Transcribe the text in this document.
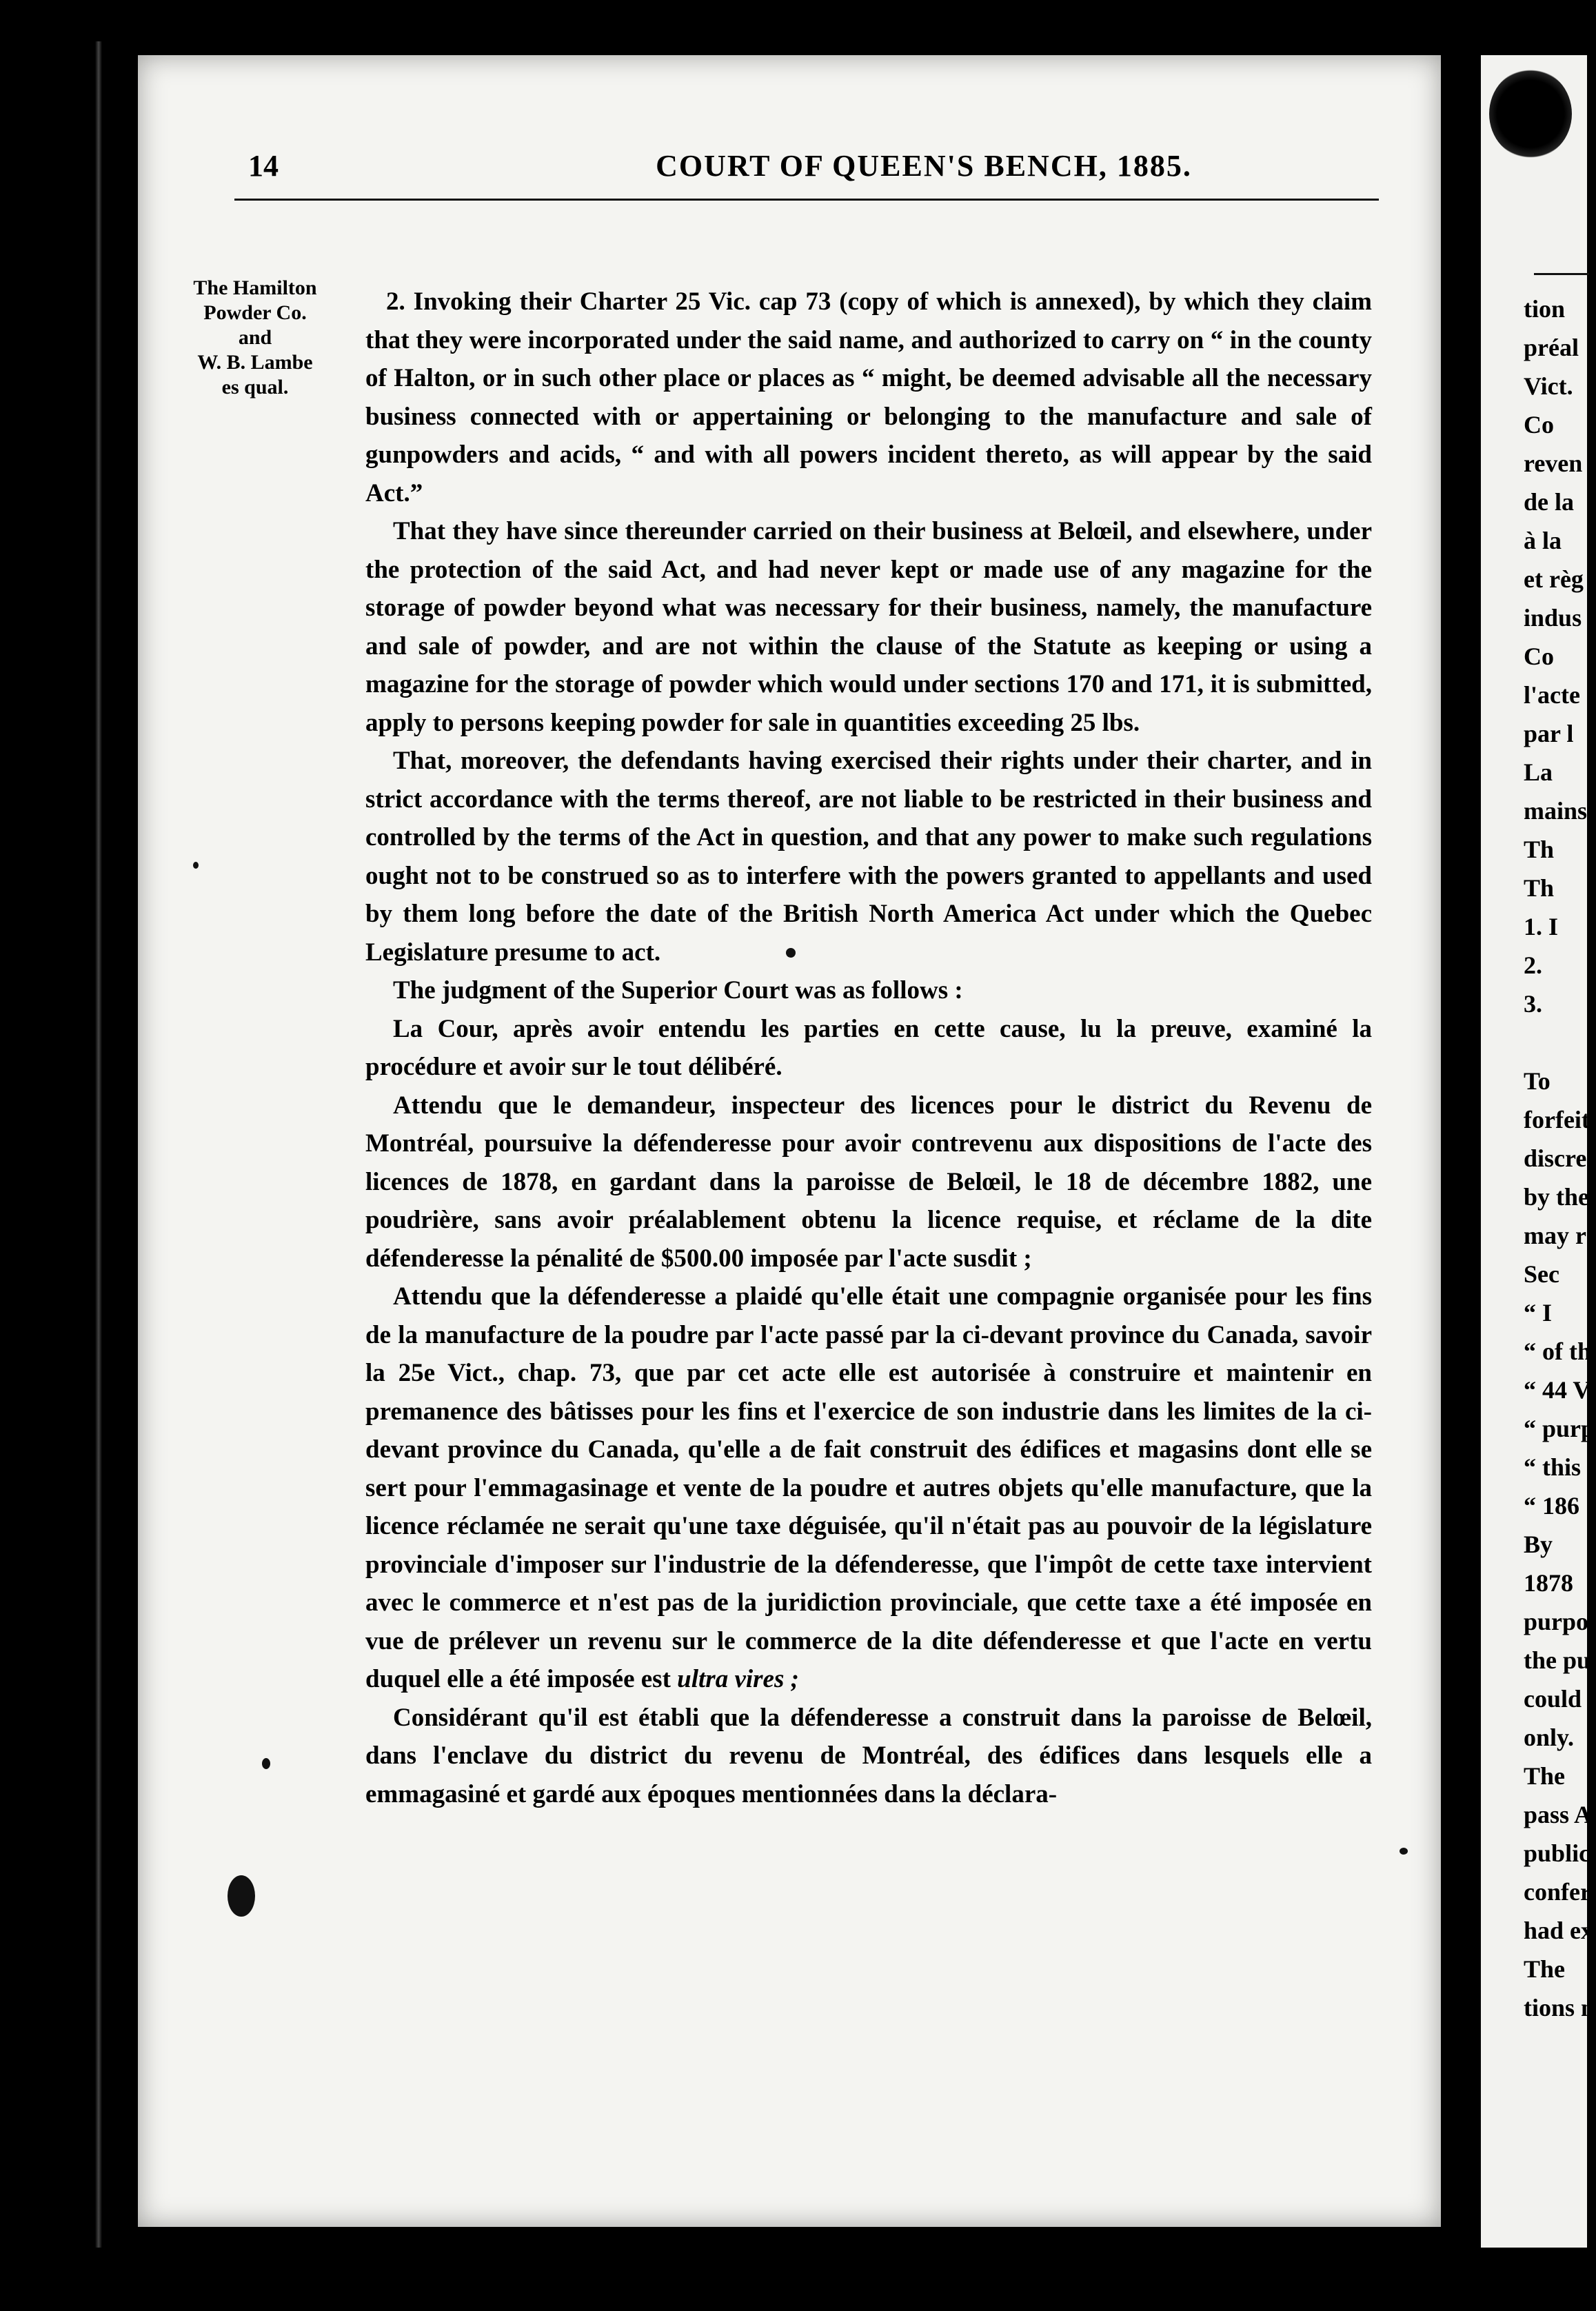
14	COURT OF QUEEN'S BENCH, 1885.
The Hamilton
Powder Co.
and
W. B. Lambe
es qual.

2. Invoking their Charter 25 Vic. cap 73 (copy of which is annexed), by which they claim that they were incorporated under the said name, and authorized to carry on “ in the county of Halton, or in such other place or places as “ might, be deemed advisable all the necessary business connected with or appertaining or belonging to the manufacture and sale of gunpowders and acids, “ and with all powers incident thereto, as will appear by the said Act.”

That they have since thereunder carried on their business at Belœil, and elsewhere, under the protection of the said Act, and had never kept or made use of any magazine for the storage of powder beyond what was necessary for their business, namely, the manufacture and sale of powder, and are not within the clause of the Statute as keeping or using a magazine for the storage of powder which would under sections 170 and 171, it is submitted, apply to persons keeping powder for sale in quantities exceeding 25 lbs.

That, moreover, the defendants having exercised their rights under their charter, and in strict accordance with the terms thereof, are not liable to be restricted in their business and controlled by the terms of the Act in question, and that any power to make such regulations ought not to be construed so as to interfere with the powers granted to appellants and used by them long before the date of the British North America Act under which the Quebec Legislature presume to act.

The judgment of the Superior Court was as follows :

La Cour, après avoir entendu les parties en cette cause, lu la preuve, examiné la procédure et avoir sur le tout délibéré.

Attendu que le demandeur, inspecteur des licences pour le district du Revenu de Montréal, poursuive la défenderesse pour avoir contrevenu aux dispositions de l'acte des licences de 1878, en gardant dans la paroisse de Belœil, le 18 de décembre 1882, une poudrière, sans avoir préalablement obtenu la licence requise, et réclame de la dite défenderesse la pénalité de $500.00 imposée par l'acte susdit ;

Attendu que la défenderesse a plaidé qu'elle était une compagnie organisée pour les fins de la manufacture de la poudre par l'acte passé par la ci-devant province du Canada, savoir la 25e Vict., chap. 73, que par cet acte elle est autorisée à construire et maintenir en premanence des bâtisses pour les fins et l'exercice de son industrie dans les limites de la ci-devant province du Canada, qu'elle a de fait construit des édifices et magasins dont elle se sert pour l'emmagasinage et vente de la poudre et autres objets qu'elle manufacture, que la licence réclamée ne serait qu'une taxe déguisée, qu'il n'était pas au pouvoir de la législature provinciale d'imposer sur l'industrie de la défenderesse, que l'impôt de cette taxe intervient avec le commerce et n'est pas de la juridiction provinciale, que cette taxe a été imposée en vue de prélever un revenu sur le commerce de la dite défenderesse et que l'acte en vertu duquel elle a été imposée est ultra vires ;

Considérant qu'il est établi que la défenderesse a construit dans la paroisse de Belœil, dans l'enclave du district du revenu de Montréal, des édifices dans lesquels elle a emmagasiné et gardé aux époques mentionnées dans la déclara-

tion
préal
Vict.
Co
reven
de la
à la
et règ
indus
Co
l'acte
par l
La
mains
Th
Th
1. I
2.
3.

To
forfeit
discre
by the
may r
Sec
“ I
“ of th
“ 44 V
“ purp
“ this
“ 186
By
1878
purpo
the pu
could
only.
The
pass A
public,
confer
had ex
The
tions n
